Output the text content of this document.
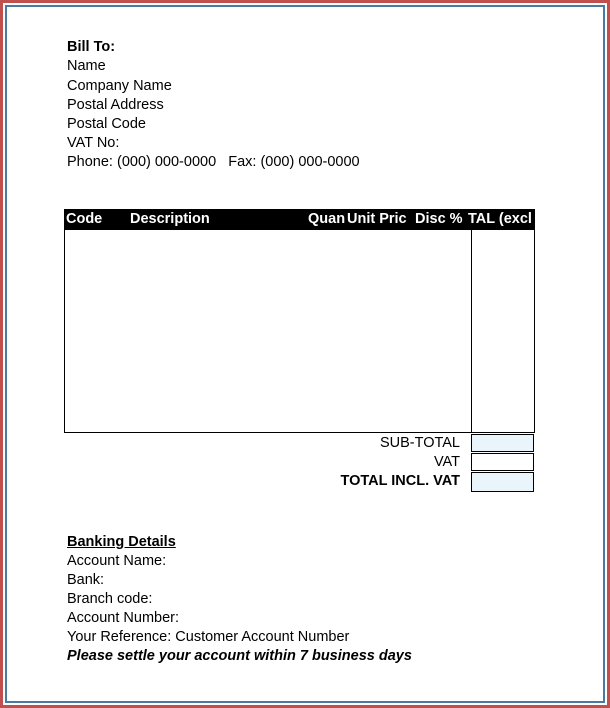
Bill To:
Name
Company Name
Postal Address
Postal Code
VAT No:
Phone: (000) 000-0000   Fax: (000) 000-0000
Code	Description	Quan Unit Pric Disc % TAL (excl V
SUB-TOTAL
VAT
TOTAL INCL. VAT
Banking Details
Account Name:
Bank:
Branch code:
Account Number:
Your Reference: Customer Account Number
Please settle your account within 7 business days
